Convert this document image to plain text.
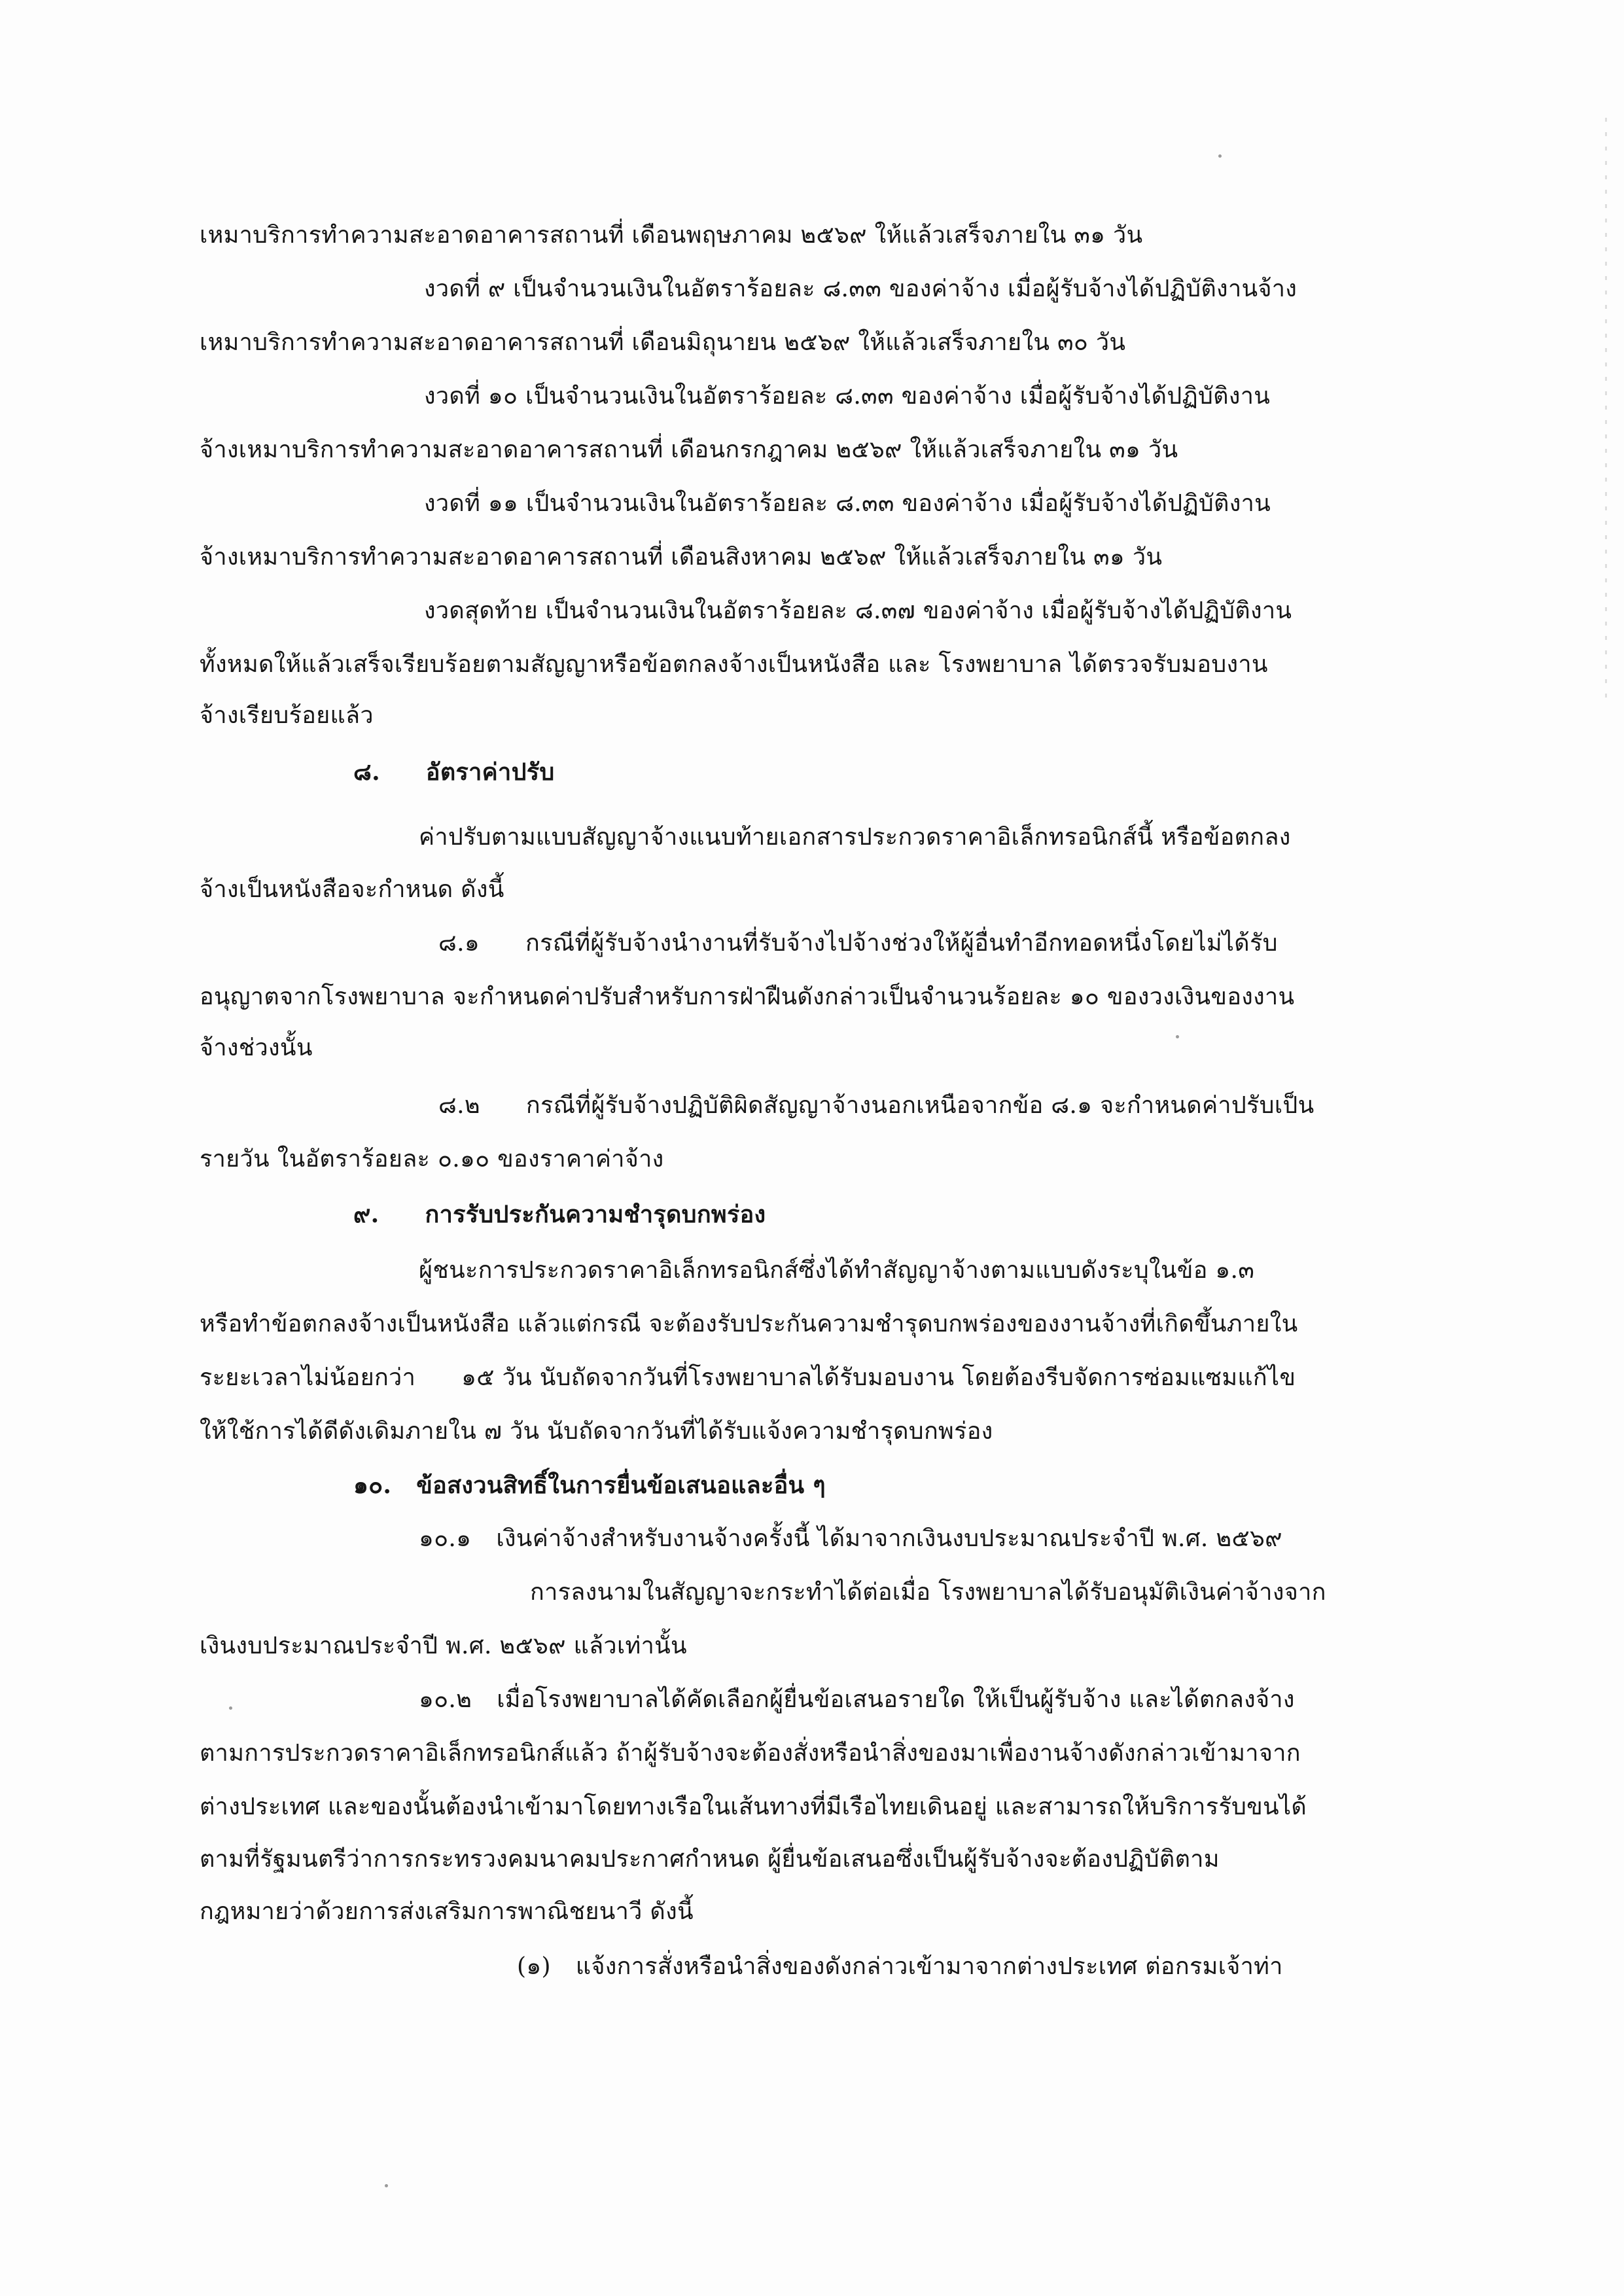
เหมาบริการทำความสะอาดอาคารสถานที่ เดือนพฤษภาคม ๒๕๖๙ ให้แล้วเสร็จภายใน ๓๑ วัน
งวดที่ ๙ เป็นจำนวนเงินในอัตราร้อยละ ๘.๓๓ ของค่าจ้าง เมื่อผู้รับจ้างได้ปฏิบัติงานจ้าง
เหมาบริการทำความสะอาดอาคารสถานที่ เดือนมิถุนายน ๒๕๖๙ ให้แล้วเสร็จภายใน ๓๐ วัน
งวดที่ ๑๐ เป็นจำนวนเงินในอัตราร้อยละ ๘.๓๓ ของค่าจ้าง เมื่อผู้รับจ้างได้ปฏิบัติงาน
จ้างเหมาบริการทำความสะอาดอาคารสถานที่ เดือนกรกฎาคม ๒๕๖๙ ให้แล้วเสร็จภายใน ๓๑ วัน
งวดที่ ๑๑ เป็นจำนวนเงินในอัตราร้อยละ ๘.๓๓ ของค่าจ้าง เมื่อผู้รับจ้างได้ปฏิบัติงาน
จ้างเหมาบริการทำความสะอาดอาคารสถานที่ เดือนสิงหาคม ๒๕๖๙ ให้แล้วเสร็จภายใน ๓๑ วัน
งวดสุดท้าย เป็นจำนวนเงินในอัตราร้อยละ ๘.๓๗ ของค่าจ้าง เมื่อผู้รับจ้างได้ปฏิบัติงาน
ทั้งหมดให้แล้วเสร็จเรียบร้อยตามสัญญาหรือข้อตกลงจ้างเป็นหนังสือ และ โรงพยาบาล ได้ตรวจรับมอบงาน
จ้างเรียบร้อยแล้ว
๘. อัตราค่าปรับ
ค่าปรับตามแบบสัญญาจ้างแนบท้ายเอกสารประกวดราคาอิเล็กทรอนิกส์นี้ หรือข้อตกลง
จ้างเป็นหนังสือจะกำหนด ดังนี้
๘.๑ กรณีที่ผู้รับจ้างนำงานที่รับจ้างไปจ้างช่วงให้ผู้อื่นทำอีกทอดหนึ่งโดยไม่ได้รับ
อนุญาตจากโรงพยาบาล จะกำหนดค่าปรับสำหรับการฝ่าฝืนดังกล่าวเป็นจำนวนร้อยละ ๑๐ ของวงเงินของงาน
จ้างช่วงนั้น
๘.๒ กรณีที่ผู้รับจ้างปฏิบัติผิดสัญญาจ้างนอกเหนือจากข้อ ๘.๑ จะกำหนดค่าปรับเป็น
รายวัน ในอัตราร้อยละ ๐.๑๐ ของราคาค่าจ้าง
๙. การรับประกันความชำรุดบกพร่อง
ผู้ชนะการประกวดราคาอิเล็กทรอนิกส์ซึ่งได้ทำสัญญาจ้างตามแบบดังระบุในข้อ ๑.๓
หรือทำข้อตกลงจ้างเป็นหนังสือ แล้วแต่กรณี จะต้องรับประกันความชำรุดบกพร่องของงานจ้างที่เกิดขึ้นภายใน
ระยะเวลาไม่น้อยกว่า ๑๕ วัน นับถัดจากวันที่โรงพยาบาลได้รับมอบงาน โดยต้องรีบจัดการซ่อมแซมแก้ไข
ให้ใช้การได้ดีดังเดิมภายใน ๗ วัน นับถัดจากวันที่ได้รับแจ้งความชำรุดบกพร่อง
๑๐. ข้อสงวนสิทธิ์ในการยื่นข้อเสนอและอื่น ๆ
๑๐.๑ เงินค่าจ้างสำหรับงานจ้างครั้งนี้ ได้มาจากเงินงบประมาณประจำปี พ.ศ. ๒๕๖๙
การลงนามในสัญญาจะกระทำได้ต่อเมื่อ โรงพยาบาลได้รับอนุมัติเงินค่าจ้างจาก
เงินงบประมาณประจำปี พ.ศ. ๒๕๖๙ แล้วเท่านั้น
๑๐.๒ เมื่อโรงพยาบาลได้คัดเลือกผู้ยื่นข้อเสนอรายใด ให้เป็นผู้รับจ้าง และได้ตกลงจ้าง
ตามการประกวดราคาอิเล็กทรอนิกส์แล้ว ถ้าผู้รับจ้างจะต้องสั่งหรือนำสิ่งของมาเพื่องานจ้างดังกล่าวเข้ามาจาก
ต่างประเทศ และของนั้นต้องนำเข้ามาโดยทางเรือในเส้นทางที่มีเรือไทยเดินอยู่ และสามารถให้บริการรับขนได้
ตามที่รัฐมนตรีว่าการกระทรวงคมนาคมประกาศกำหนด ผู้ยื่นข้อเสนอซึ่งเป็นผู้รับจ้างจะต้องปฏิบัติตาม
กฎหมายว่าด้วยการส่งเสริมการพาณิชยนาวี ดังนี้
(๑) แจ้งการสั่งหรือนำสิ่งของดังกล่าวเข้ามาจากต่างประเทศ ต่อกรมเจ้าท่า
